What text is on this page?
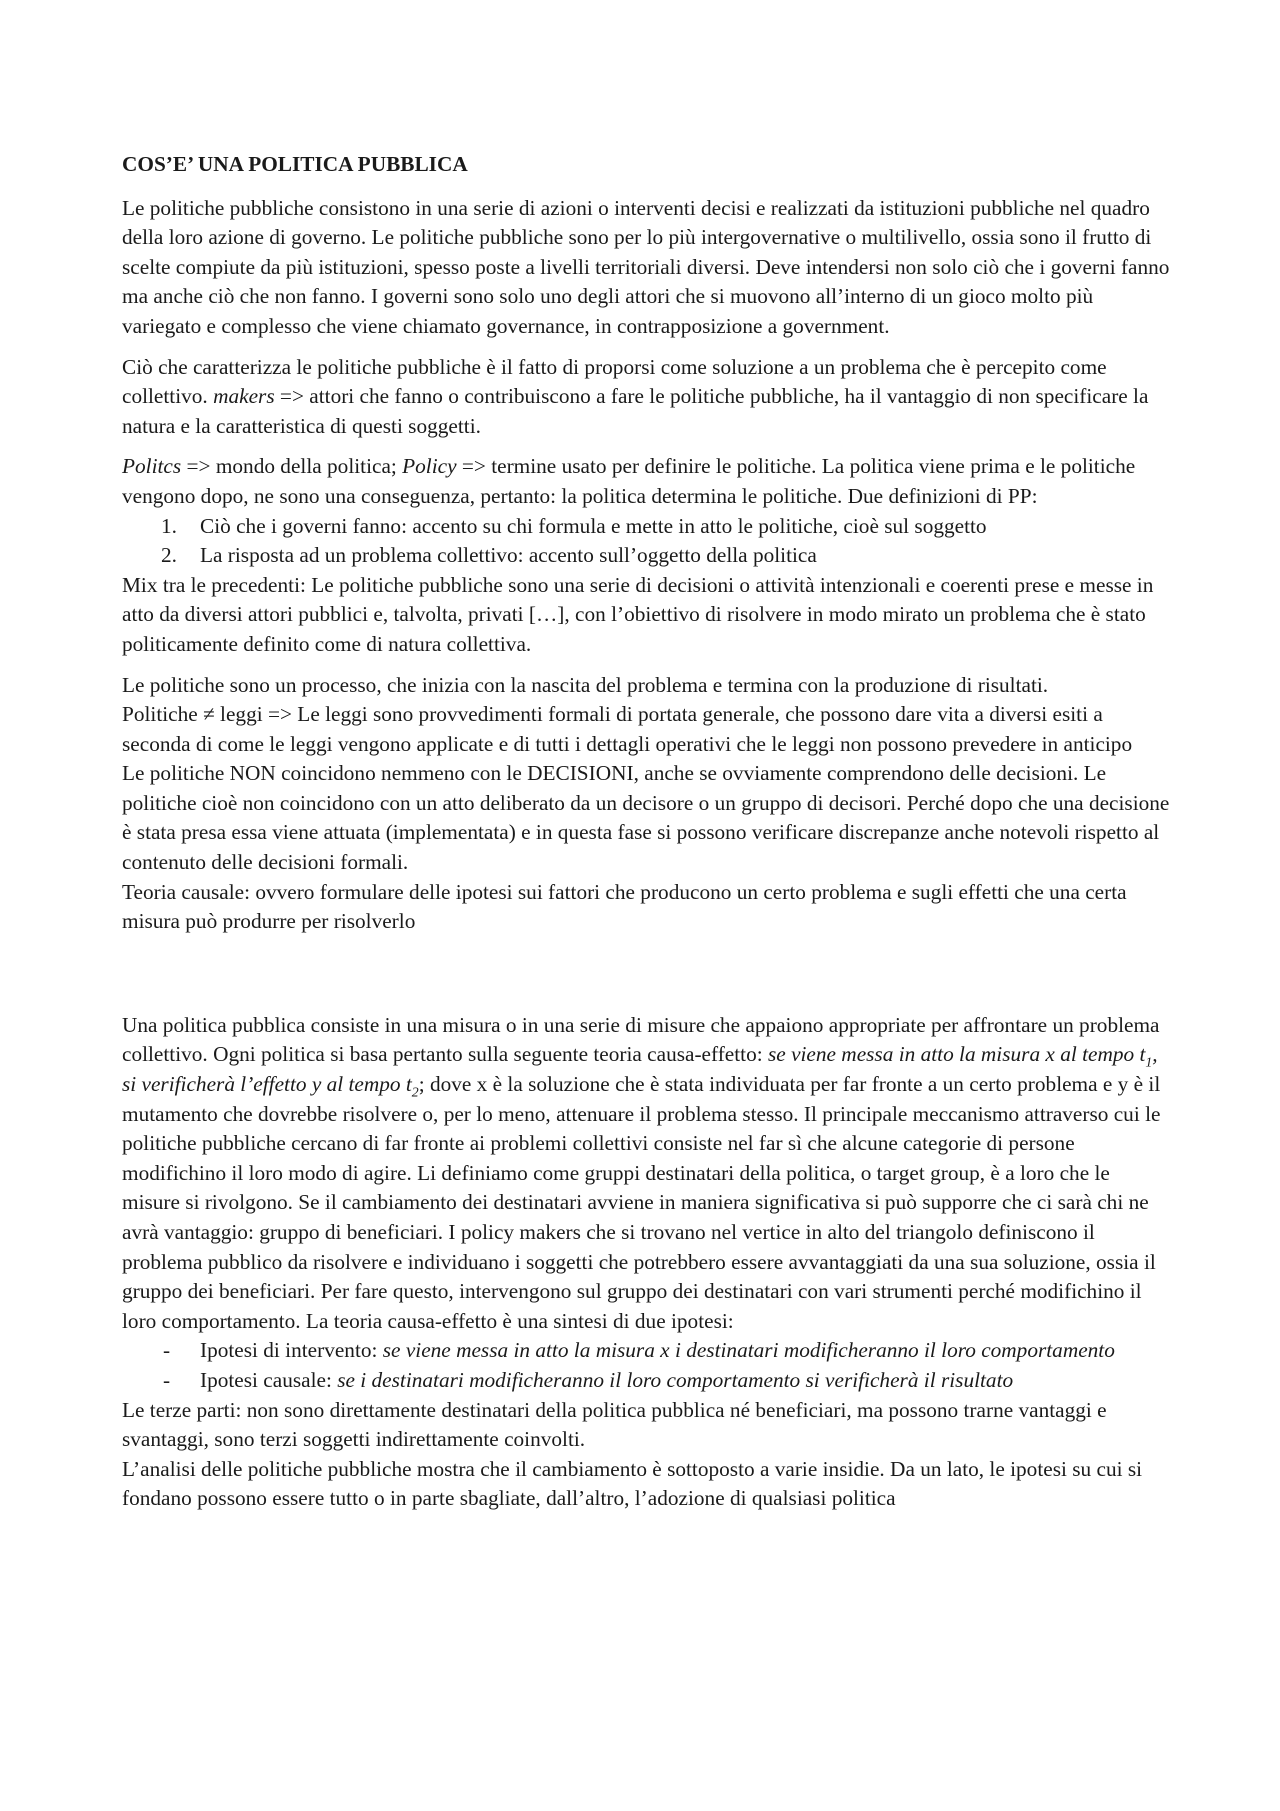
COS’E’ UNA POLITICA PUBBLICA

Le politiche pubbliche consistono in una serie di azioni o interventi decisi e realizzati da istituzioni pubbliche nel quadro della loro azione di governo. Le politiche pubbliche sono per lo più intergovernative o multilivello, ossia sono il frutto di scelte compiute da più istituzioni, spesso poste a livelli territoriali diversi. Deve intendersi non solo ciò che i governi fanno ma anche ciò che non fanno. I governi sono solo uno degli attori che si muovono all’interno di un gioco molto più variegato e complesso che viene chiamato governance, in contrapposizione a government.

Ciò che caratterizza le politiche pubbliche è il fatto di proporsi come soluzione a un problema che è percepito come collettivo. makers => attori che fanno o contribuiscono a fare le politiche pubbliche, ha il vantaggio di non specificare la natura e la caratteristica di questi soggetti.

Politcs => mondo della politica; Policy => termine usato per definire le politiche. La politica viene prima e le politiche vengono dopo, ne sono una conseguenza, pertanto: la politica determina le politiche. Due definizioni di PP:

1. Ciò che i governi fanno: accento su chi formula e mette in atto le politiche, cioè sul soggetto
2. La risposta ad un problema collettivo: accento sull’oggetto della politica

Mix tra le precedenti: Le politiche pubbliche sono una serie di decisioni o attività intenzionali e coerenti prese e messe in atto da diversi attori pubblici e, talvolta, privati […], con l’obiettivo di risolvere in modo mirato un problema che è stato politicamente definito come di natura collettiva.

Le politiche sono un processo, che inizia con la nascita del problema e termina con la produzione di risultati.

Politiche ≠ leggi => Le leggi sono provvedimenti formali di portata generale, che possono dare vita a diversi esiti a seconda di come le leggi vengono applicate e di tutti i dettagli operativi che le leggi non possono prevedere in anticipo

Le politiche NON coincidono nemmeno con le DECISIONI, anche se ovviamente comprendono delle decisioni. Le politiche cioè non coincidono con un atto deliberato da un decisore o un gruppo di decisori. Perché dopo che una decisione è stata presa essa viene attuata (implementata) e in questa fase si possono verificare discrepanze anche notevoli rispetto al contenuto delle decisioni formali.

Teoria causale: ovvero formulare delle ipotesi sui fattori che producono un certo problema e sugli effetti che una certa misura può produrre per risolverlo

Una politica pubblica consiste in una misura o in una serie di misure che appaiono appropriate per affrontare un problema collettivo. Ogni politica si basa pertanto sulla seguente teoria causa-effetto: se viene messa in atto la misura x al tempo $t_1$, si verificherà l’effetto y al tempo $t_2$; dove x è la soluzione che è stata individuata per far fronte a un certo problema e y è il mutamento che dovrebbe risolvere o, per lo meno, attenuare il problema stesso. Il principale meccanismo attraverso cui le politiche pubbliche cercano di far fronte ai problemi collettivi consiste nel far sì che alcune categorie di persone modifichino il loro modo di agire. Li definiamo come gruppi destinatari della politica, o target group, è a loro che le misure si rivolgono. Se il cambiamento dei destinatari avviene in maniera significativa si può supporre che ci sarà chi ne avrà vantaggio: gruppo di beneficiari. I policy makers che si trovano nel vertice in alto del triangolo definiscono il problema pubblico da risolvere e individuano i soggetti che potrebbero essere avvantaggiati da una sua soluzione, ossia il gruppo dei beneficiari. Per fare questo, intervengono sul gruppo dei destinatari con vari strumenti perché modifichino il loro comportamento. La teoria causa-effetto è una sintesi di due ipotesi:

- Ipotesi di intervento: se viene messa in atto la misura x i destinatari modificheranno il loro comportamento
- Ipotesi causale: se i destinatari modificheranno il loro comportamento si verificherà il risultato

Le terze parti: non sono direttamente destinatari della politica pubblica né beneficiari, ma possono trarne vantaggi e svantaggi, sono terzi soggetti indirettamente coinvolti.

L’analisi delle politiche pubbliche mostra che il cambiamento è sottoposto a varie insidie. Da un lato, le ipotesi su cui si fondano possono essere tutto o in parte sbagliate, dall’altro, l’adozione di qualsiasi politica
